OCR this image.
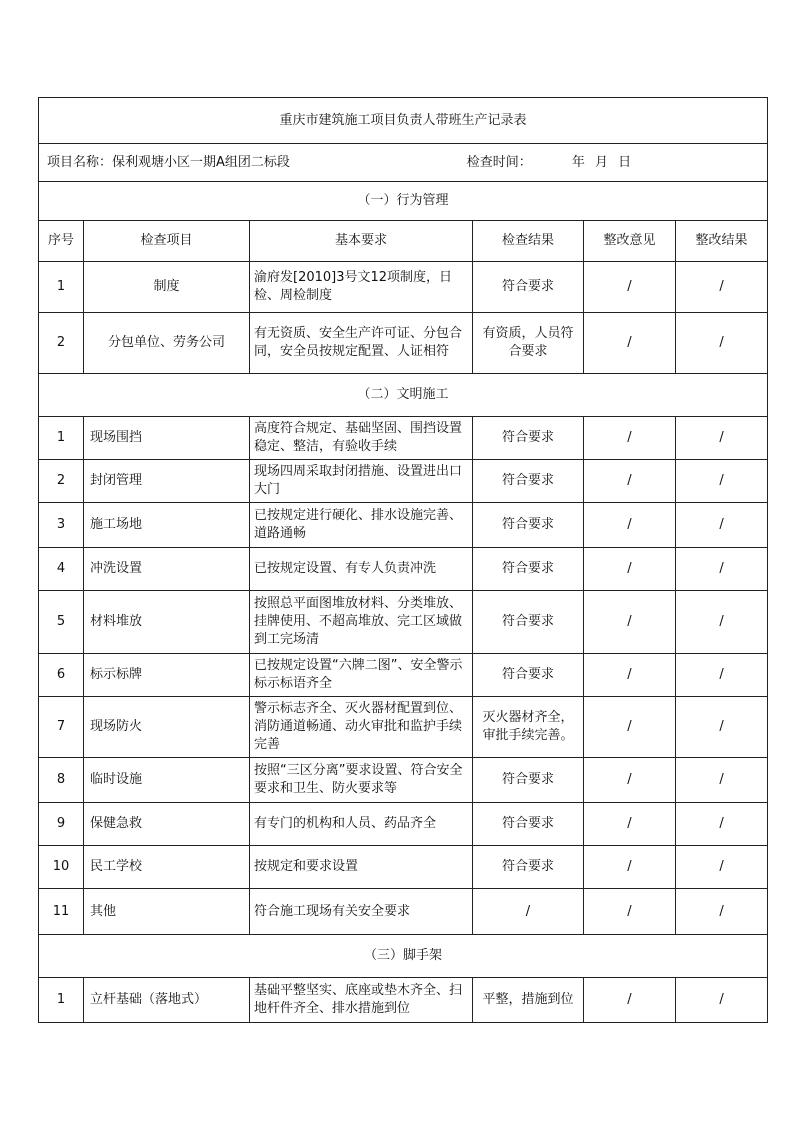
重庆市建筑施工项目负责人带班生产记录表					

项目名称：保利观塘小区一期A组团二标段 检查时间： 年 月 日					

（一）行为管理					
序号	检查项目	基本要求	检查结果	整改意见	整改结果
1	制度	渝府发[2010]3号文12项制度，日检、周检制度	符合要求	/	/
2	分包单位、劳务公司	有无资质、安全生产许可证、分包合同，安全员按规定配置、人证相符	有资质，人员符合要求	/	/
（二）文明施工					
1	现场围挡	高度符合规定、基础坚固、围挡设置稳定、整洁，有验收手续	符合要求	/	/
2	封闭管理	现场四周采取封闭措施、设置进出口大门	符合要求	/	/
3	施工场地	已按规定进行硬化、排水设施完善、道路通畅	符合要求	/	/
4	冲洗设置	已按规定设置、有专人负责冲洗	符合要求	/	/
5	材料堆放	按照总平面图堆放材料、分类堆放、挂牌使用、不超高堆放、完工区域做到工完场清	符合要求	/	/
6	标示标牌	已按规定设置“六牌二图”、安全警示标示标语齐全	符合要求	/	/
7	现场防火	警示标志齐全、灭火器材配置到位、消防通道畅通、动火审批和监护手续完善	灭火器材齐全，审批手续完善。	/	/
8	临时设施	按照“三区分离”要求设置、符合安全要求和卫生、防火要求等	符合要求	/	/
9	保健急救	有专门的机构和人员、药品齐全	符合要求	/	/
10	民工学校	按规定和要求设置	符合要求	/	/
11	其他	符合施工现场有关安全要求	/	/	/
（三）脚手架					
1	立杆基础（落地式）	基础平整坚实、底座或垫木齐全、扫地杆件齐全、排水措施到位	平整，措施到位	/	/
